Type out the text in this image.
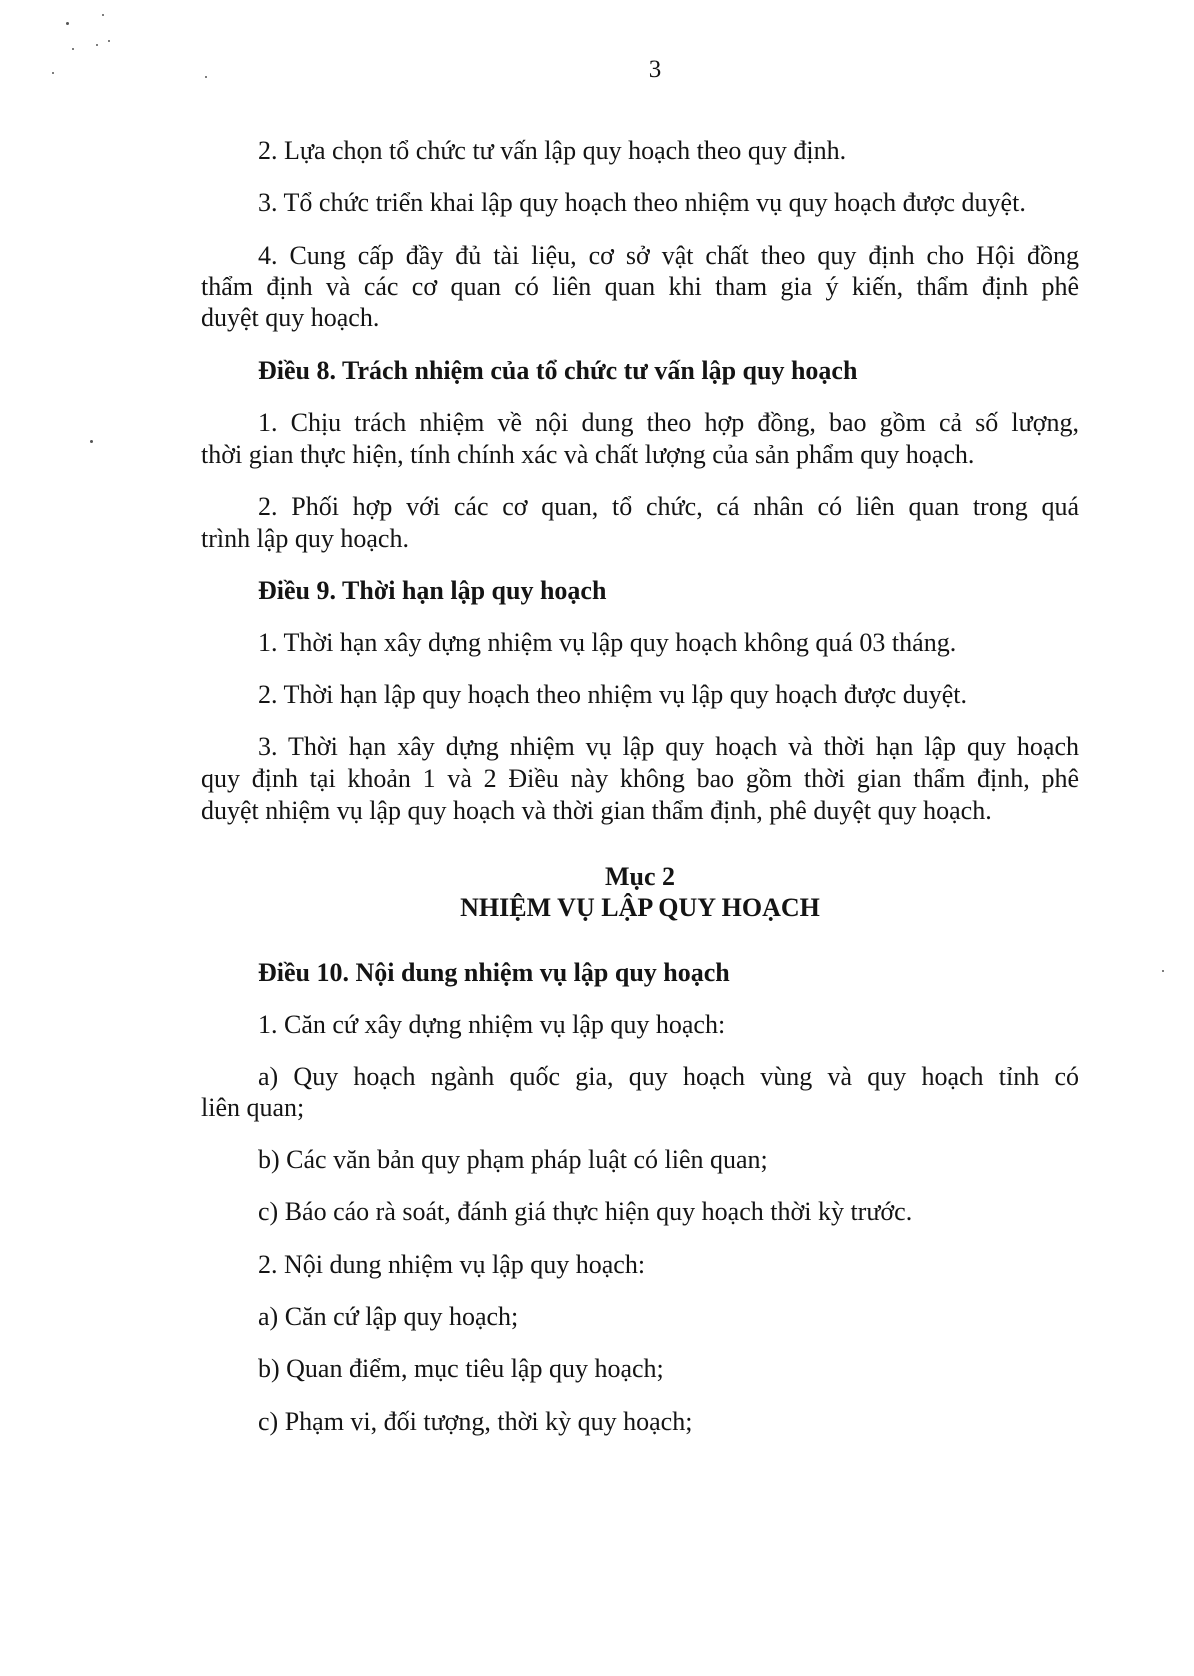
3
2. Lựa chọn tổ chức tư vấn lập quy hoạch theo quy định.
3. Tổ chức triển khai lập quy hoạch theo nhiệm vụ quy hoạch được duyệt.
4. Cung cấp đầy đủ tài liệu, cơ sở vật chất theo quy định cho Hội đồng
thẩm định và các cơ quan có liên quan khi tham gia ý kiến, thẩm định phê
duyệt quy hoạch.
Điều 8. Trách nhiệm của tổ chức tư vấn lập quy hoạch
1. Chịu trách nhiệm về nội dung theo hợp đồng, bao gồm cả số lượng,
thời gian thực hiện, tính chính xác và chất lượng của sản phẩm quy hoạch.
2. Phối hợp với các cơ quan, tổ chức, cá nhân có liên quan trong quá
trình lập quy hoạch.
Điều 9. Thời hạn lập quy hoạch
1. Thời hạn xây dựng nhiệm vụ lập quy hoạch không quá 03 tháng.
2. Thời hạn lập quy hoạch theo nhiệm vụ lập quy hoạch được duyệt.
3. Thời hạn xây dựng nhiệm vụ lập quy hoạch và thời hạn lập quy hoạch
quy định tại khoản 1 và 2 Điều này không bao gồm thời gian thẩm định, phê
duyệt nhiệm vụ lập quy hoạch và thời gian thẩm định, phê duyệt quy hoạch.
Mục 2
NHIỆM VỤ LẬP QUY HOẠCH
Điều 10. Nội dung nhiệm vụ lập quy hoạch
1. Căn cứ xây dựng nhiệm vụ lập quy hoạch:
a) Quy hoạch ngành quốc gia, quy hoạch vùng và quy hoạch tỉnh có
liên quan;
b) Các văn bản quy phạm pháp luật có liên quan;
c) Báo cáo rà soát, đánh giá thực hiện quy hoạch thời kỳ trước.
2. Nội dung nhiệm vụ lập quy hoạch:
a) Căn cứ lập quy hoạch;
b) Quan điểm, mục tiêu lập quy hoạch;
c) Phạm vi, đối tượng, thời kỳ quy hoạch;
